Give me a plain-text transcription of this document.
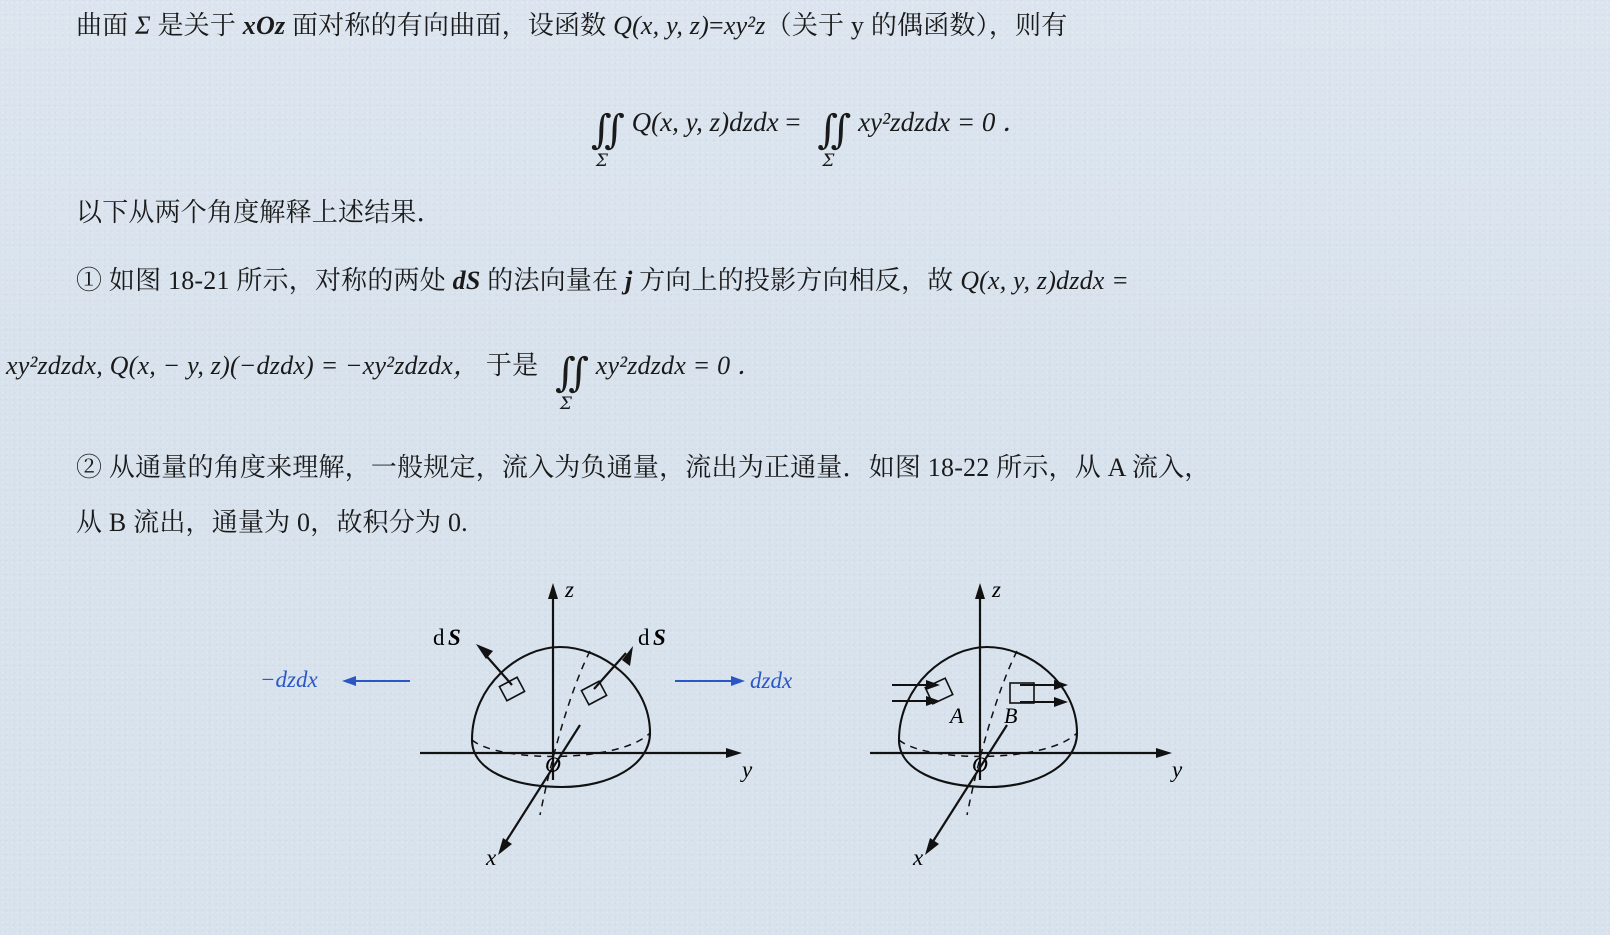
曲面 Σ 是关于 xOz 面对称的有向曲面，设函数 Q(x, y, z)=xy²z（关于 y 的偶函数），则有
∬
Σ
Q(x, y, z)dzdx = ∬
Σ
xy²zdzdx = 0 ．
以下从两个角度解释上述结果．
① 如图 18-21 所示，对称的两处 dS 的法向量在 j 方向上的投影方向相反，故 Q(x, y, z)dzdx =
xy²zdzdx, Q(x, − y, z)(−dzdx) = −xy²zdzdx， 于是 ∬
Σ
xy²zdzdx = 0 ．
② 从通量的角度来理解，一般规定，流入为负通量，流出为正通量．如图 18-22 所示，从 A 流入，
从 B 流出，通量为 0，故积分为 0.
d S	d S
O
z
y
x
−dzdx	dzdx
A B
O
z
y
x
